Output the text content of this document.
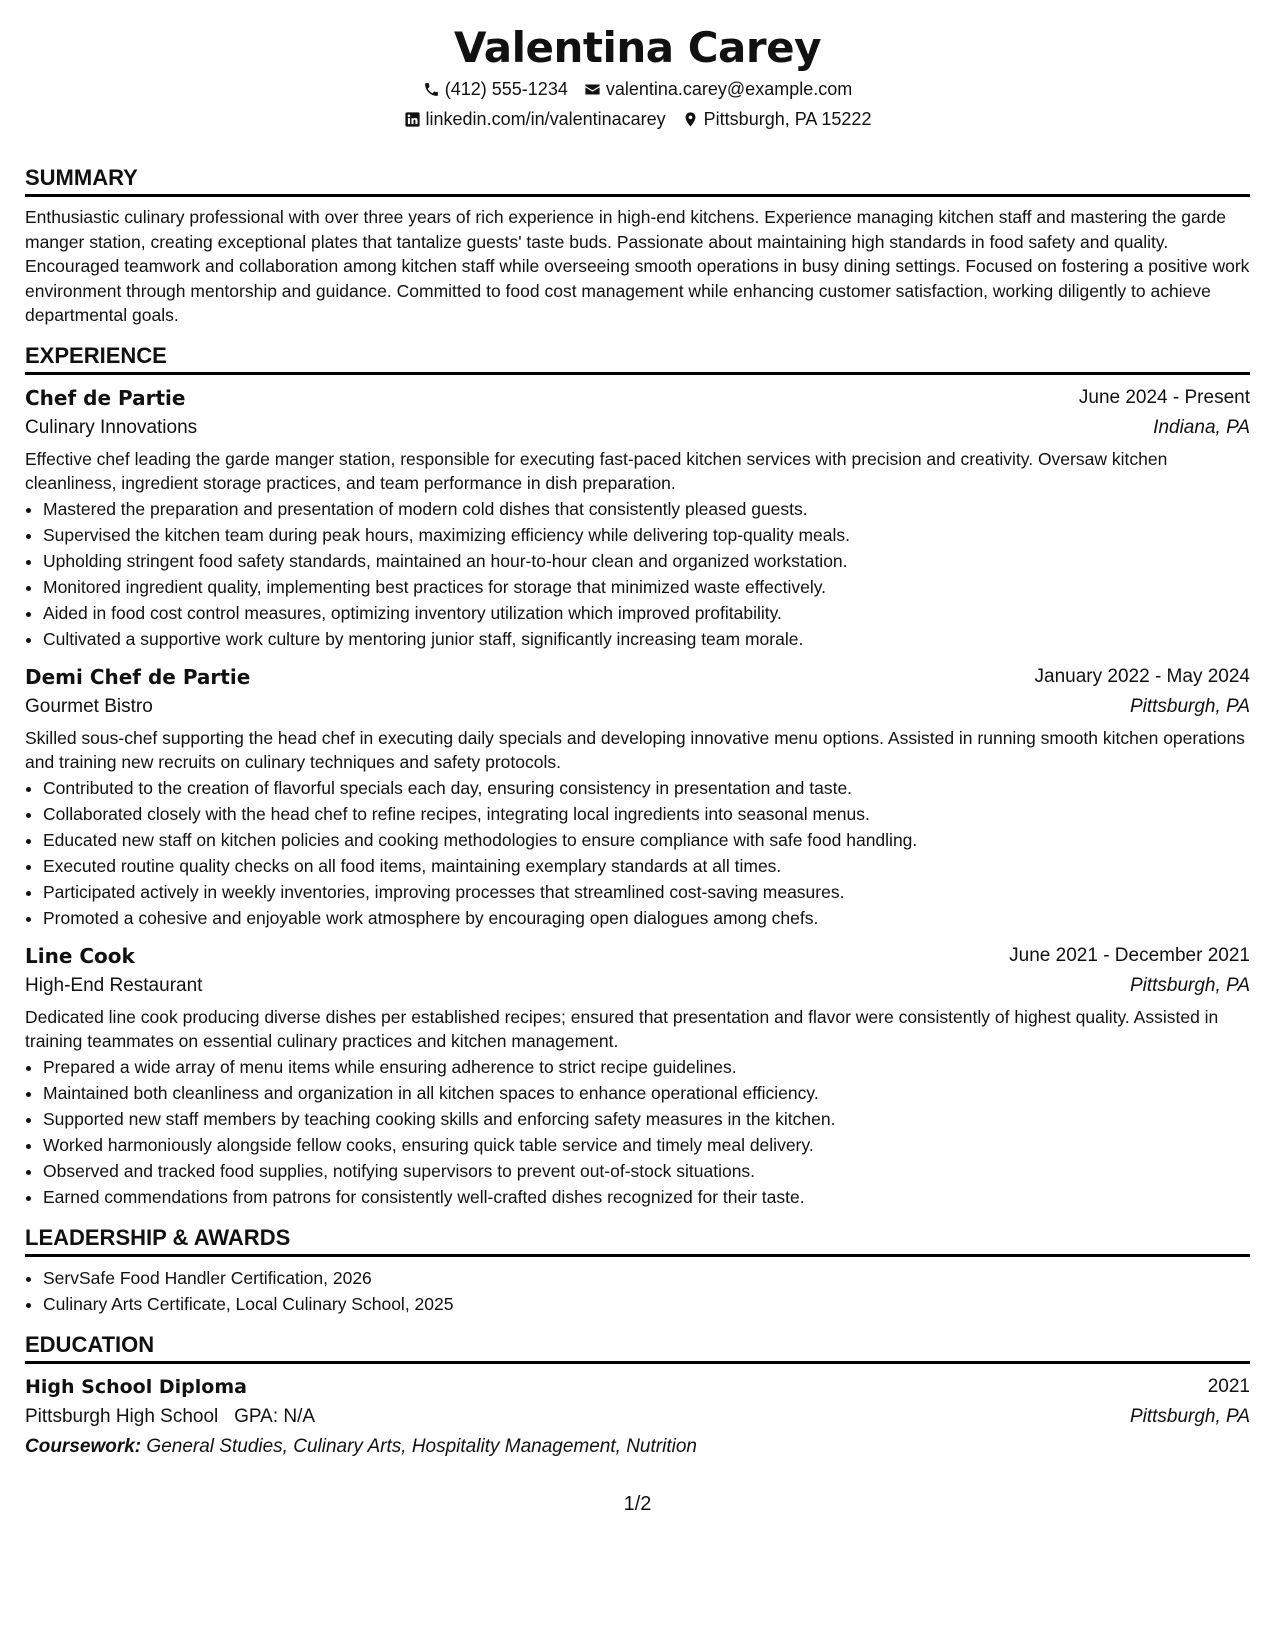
Valentina Carey
(412) 555-1234 valentina.carey@example.com
linkedin.com/in/valentinacarey Pittsburgh, PA 15222
SUMMARY
Enthusiastic culinary professional with over three years of rich experience in high-end kitchens. Experience managing kitchen staff and mastering the garde manger station, creating exceptional plates that tantalize guests' taste buds. Passionate about maintaining high standards in food safety and quality. Encouraged teamwork and collaboration among kitchen staff while overseeing smooth operations in busy dining settings. Focused on fostering a positive work environment through mentorship and guidance. Committed to food cost management while enhancing customer satisfaction, working diligently to achieve departmental goals.
EXPERIENCE
Chef de Partie	June 2024 - Present
Culinary Innovations	Indiana, PA
Effective chef leading the garde manger station, responsible for executing fast-paced kitchen services with precision and creativity. Oversaw kitchen cleanliness, ingredient storage practices, and team performance in dish preparation.
• Mastered the preparation and presentation of modern cold dishes that consistently pleased guests.
• Supervised the kitchen team during peak hours, maximizing efficiency while delivering top-quality meals.
• Upholding stringent food safety standards, maintained an hour-to-hour clean and organized workstation.
• Monitored ingredient quality, implementing best practices for storage that minimized waste effectively.
• Aided in food cost control measures, optimizing inventory utilization which improved profitability.
• Cultivated a supportive work culture by mentoring junior staff, significantly increasing team morale.
Demi Chef de Partie	January 2022 - May 2024
Gourmet Bistro	Pittsburgh, PA
Skilled sous-chef supporting the head chef in executing daily specials and developing innovative menu options. Assisted in running smooth kitchen operations and training new recruits on culinary techniques and safety protocols.
• Contributed to the creation of flavorful specials each day, ensuring consistency in presentation and taste.
• Collaborated closely with the head chef to refine recipes, integrating local ingredients into seasonal menus.
• Educated new staff on kitchen policies and cooking methodologies to ensure compliance with safe food handling.
• Executed routine quality checks on all food items, maintaining exemplary standards at all times.
• Participated actively in weekly inventories, improving processes that streamlined cost-saving measures.
• Promoted a cohesive and enjoyable work atmosphere by encouraging open dialogues among chefs.
Line Cook	June 2021 - December 2021
High-End Restaurant	Pittsburgh, PA
Dedicated line cook producing diverse dishes per established recipes; ensured that presentation and flavor were consistently of highest quality. Assisted in training teammates on essential culinary practices and kitchen management.
• Prepared a wide array of menu items while ensuring adherence to strict recipe guidelines.
• Maintained both cleanliness and organization in all kitchen spaces to enhance operational efficiency.
• Supported new staff members by teaching cooking skills and enforcing safety measures in the kitchen.
• Worked harmoniously alongside fellow cooks, ensuring quick table service and timely meal delivery.
• Observed and tracked food supplies, notifying supervisors to prevent out-of-stock situations.
• Earned commendations from patrons for consistently well-crafted dishes recognized for their taste.
LEADERSHIP & AWARDS
• ServSafe Food Handler Certification, 2026
• Culinary Arts Certificate, Local Culinary School, 2025
EDUCATION
High School Diploma	2021
Pittsburgh High School GPA: N/A	Pittsburgh, PA
Coursework: General Studies, Culinary Arts, Hospitality Management, Nutrition
1/2
